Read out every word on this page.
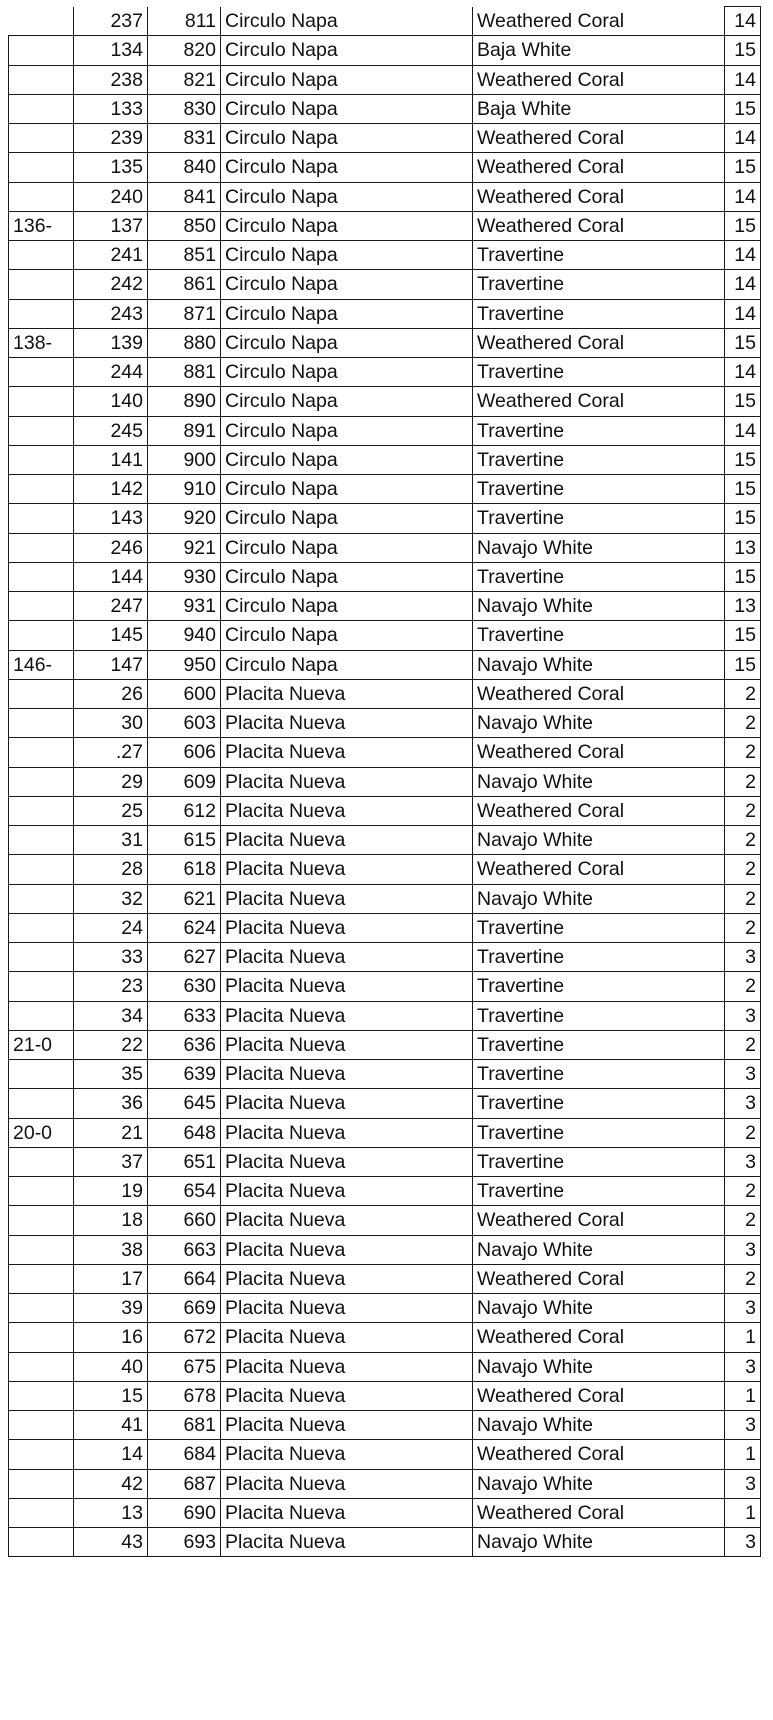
	237	811	Circulo Napa	Weathered Coral	14
	134	820	Circulo Napa	Baja White	15
	238	821	Circulo Napa	Weathered Coral	14
	133	830	Circulo Napa	Baja White	15
	239	831	Circulo Napa	Weathered Coral	14
	135	840	Circulo Napa	Weathered Coral	15
	240	841	Circulo Napa	Weathered Coral	14
136-	137	850	Circulo Napa	Weathered Coral	15
	241	851	Circulo Napa	Travertine	14
	242	861	Circulo Napa	Travertine	14
	243	871	Circulo Napa	Travertine	14
138-	139	880	Circulo Napa	Weathered Coral	15
	244	881	Circulo Napa	Travertine	14
	140	890	Circulo Napa	Weathered Coral	15
	245	891	Circulo Napa	Travertine	14
	141	900	Circulo Napa	Travertine	15
	142	910	Circulo Napa	Travertine	15
	143	920	Circulo Napa	Travertine	15
	246	921	Circulo Napa	Navajo White	13
	144	930	Circulo Napa	Travertine	15
	247	931	Circulo Napa	Navajo White	13
	145	940	Circulo Napa	Travertine	15
146-	147	950	Circulo Napa	Navajo White	15
	26	600	Placita Nueva	Weathered Coral	2
	30	603	Placita Nueva	Navajo White	2
	.27	606	Placita Nueva	Weathered Coral	2
	29	609	Placita Nueva	Navajo White	2
	25	612	Placita Nueva	Weathered Coral	2
	31	615	Placita Nueva	Navajo White	2
	28	618	Placita Nueva	Weathered Coral	2
	32	621	Placita Nueva	Navajo White	2
	24	624	Placita Nueva	Travertine	2
	33	627	Placita Nueva	Travertine	3
	23	630	Placita Nueva	Travertine	2
	34	633	Placita Nueva	Travertine	3
21-0	22	636	Placita Nueva	Travertine	2
	35	639	Placita Nueva	Travertine	3
	36	645	Placita Nueva	Travertine	3
20-0	21	648	Placita Nueva	Travertine	2
	37	651	Placita Nueva	Travertine	3
	19	654	Placita Nueva	Travertine	2
	18	660	Placita Nueva	Weathered Coral	2
	38	663	Placita Nueva	Navajo White	3
	17	664	Placita Nueva	Weathered Coral	2
	39	669	Placita Nueva	Navajo White	3
	16	672	Placita Nueva	Weathered Coral	1
	40	675	Placita Nueva	Navajo White	3
	15	678	Placita Nueva	Weathered Coral	1
	41	681	Placita Nueva	Navajo White	3
	14	684	Placita Nueva	Weathered Coral	1
	42	687	Placita Nueva	Navajo White	3
	13	690	Placita Nueva	Weathered Coral	1
	43	693	Placita Nueva	Navajo White	3
